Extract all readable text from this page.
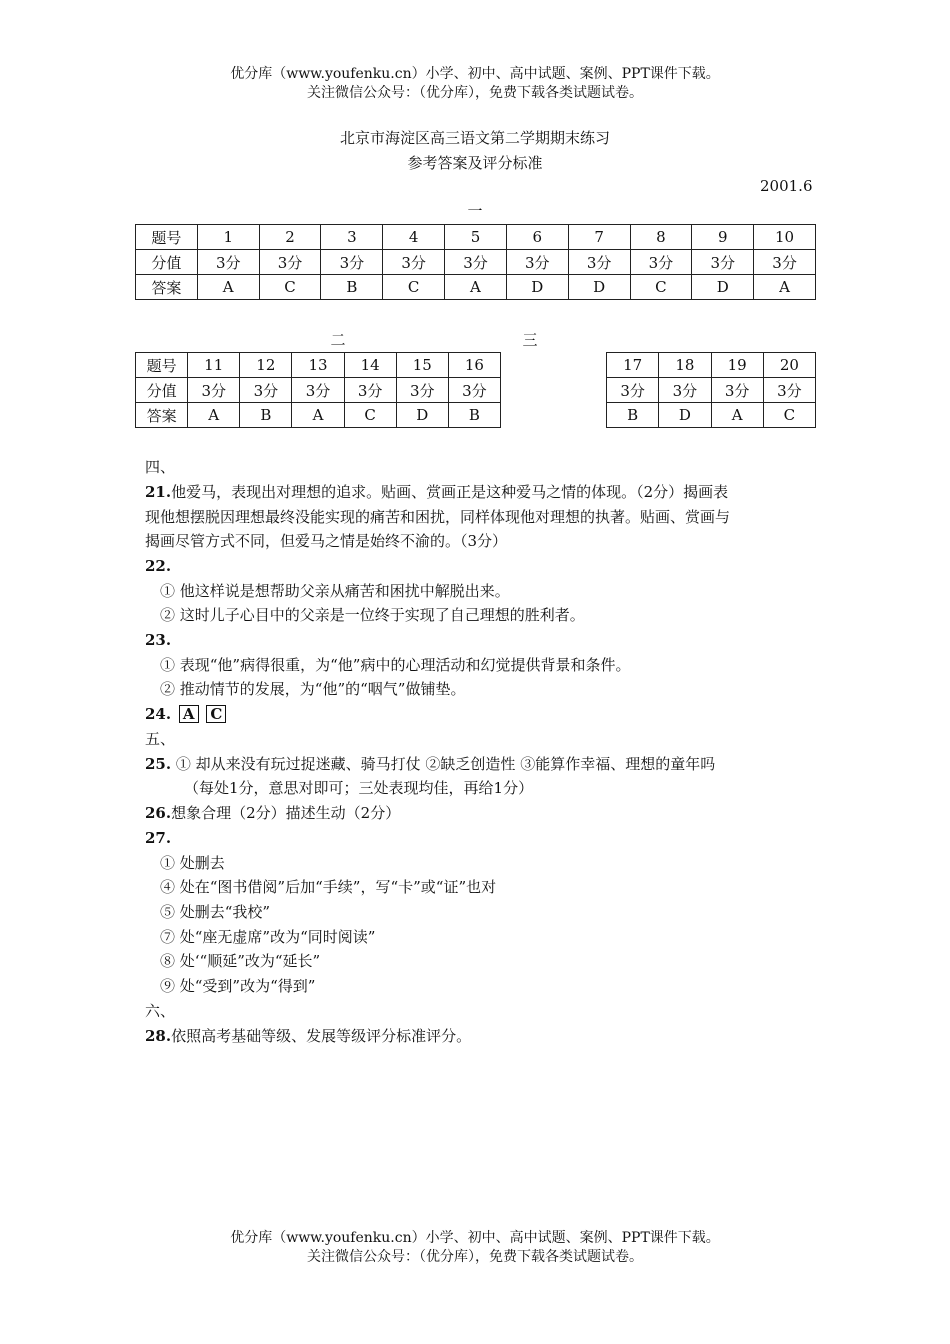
优分库（www.youfenku.cn）小学、初中、高中试题、案例、PPT课件下载。
关注微信公众号：（优分库），免费下载各类试题试卷。
北京市海淀区高三语文第二学期期末练习
参考答案及评分标准
2001.6
一
题号	1	2	3	4	5	6	7	8	9	10
分值	3分	3分	3分	3分	3分	3分	3分	3分	3分	3分
答案	A	C	B	C	A	D	D	C	D	A
二	三
题号	11	12	13	14	15	16
分值	3分	3分	3分	3分	3分	3分
答案	A	B	A	C	D	B
17	18	19	20
3分	3分	3分	3分
B	D	A	C
四、
21.他爱马，表现出对理想的追求。贴画、赏画正是这种爱马之情的体现。（2分）揭画表
现他想摆脱因理想最终没能实现的痛苦和困扰，同样体现他对理想的执著。贴画、赏画与
揭画尽管方式不同，但爱马之情是始终不渝的。（3分）
22.
① 他这样说是想帮助父亲从痛苦和困扰中解脱出来。
② 这时儿子心目中的父亲是一位终于实现了自己理想的胜利者。
23.
① 表现“他”病得很重，为“他”病中的心理活动和幻觉提供背景和条件。
② 推动情节的发展，为“他”的“咽气”做铺垫。
24. A C
五、
25. ① 却从来没有玩过捉迷藏、骑马打仗 ②缺乏创造性 ③能算作幸福、理想的童年吗
（每处1分，意思对即可；三处表现均佳，再给1分）
26.想象合理（2分）描述生动（2分）
27.
① 处删去
④ 处在“图书借阅”后加“手续”，写“卡”或“证”也对
⑤ 处删去“我校”
⑦ 处“座无虚席”改为“同时阅读”
⑧ 处‘“顺延”改为“延长”
⑨ 处“受到”改为“得到”
六、
28.依照高考基础等级、发展等级评分标准评分。
优分库（www.youfenku.cn）小学、初中、高中试题、案例、PPT课件下载。
关注微信公众号：（优分库），免费下载各类试题试卷。
